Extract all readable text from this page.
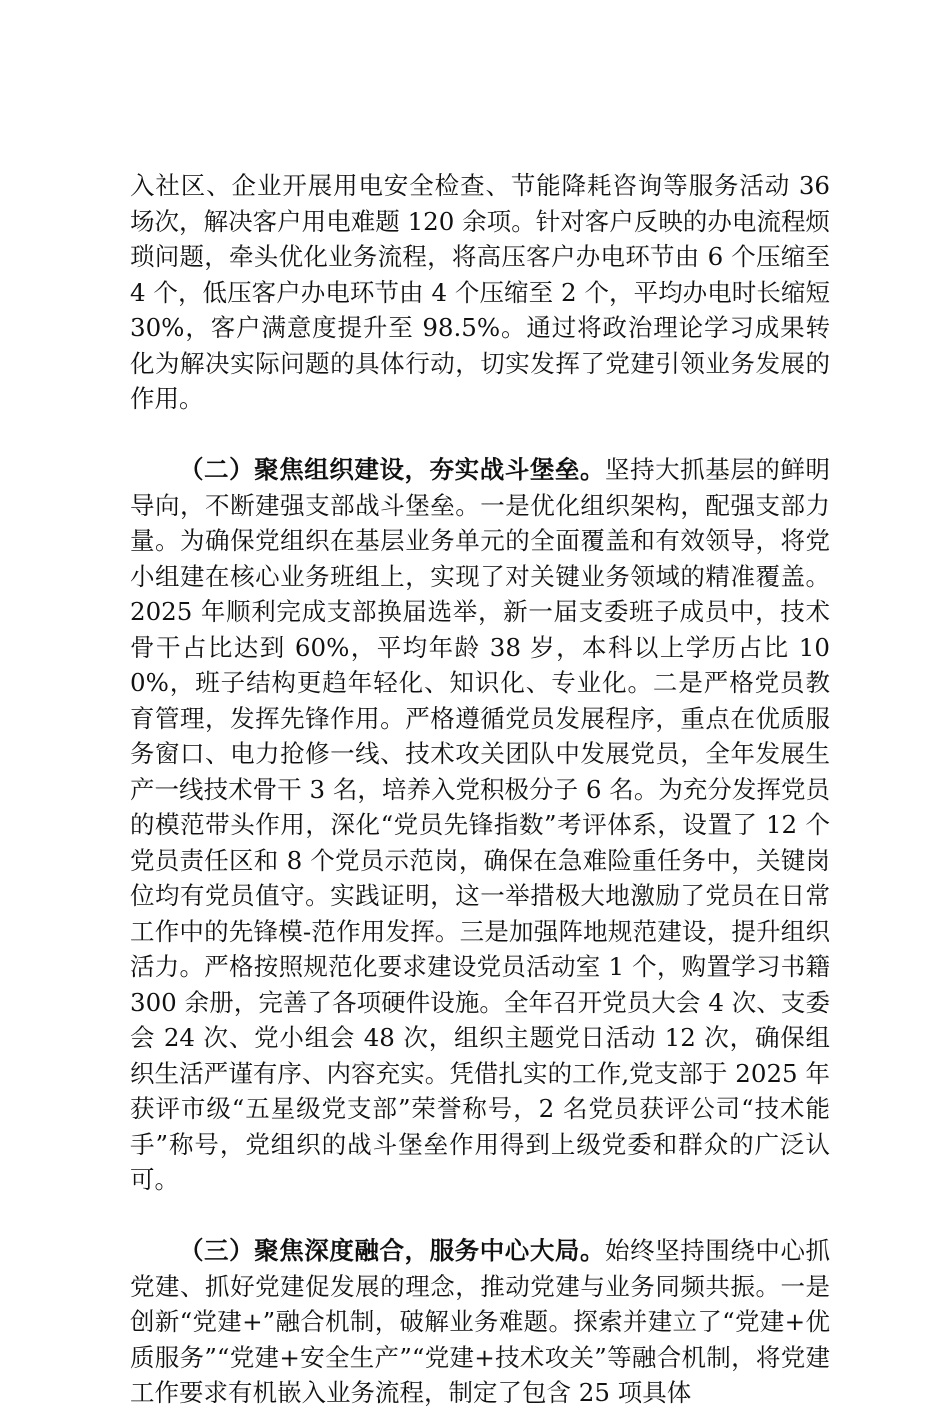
入社区、企业开展用电安全检查、节能降耗咨询等服务活动 36 场次，解决客户用电难题 120 余项。针对客户反映的办电流程烦琐问题，牵头优化业务流程，将高压客户办电环节由 6 个压缩至 4 个，低压客户办电环节由 4 个压缩至 2 个，平均办电时长缩短 30%，客户满意度提升至 98.5%。通过将政治理论学习成果转化为解决实际问题的具体行动，切实发挥了党建引领业务发展的作用。

（二）聚焦组织建设，夯实战斗堡垒。坚持大抓基层的鲜明导向，不断建强支部战斗堡垒。一是优化组织架构，配强支部力量。为确保党组织在基层业务单元的全面覆盖和有效领导，将党小组建在核心业务班组上，实现了对关键业务领域的精准覆盖。2025 年顺利完成支部换届选举，新一届支委班子成员中，技术骨干占比达到 60%，平均年龄 38 岁，本科以上学历占比 100%，班子结构更趋年轻化、知识化、专业化。二是严格党员教育管理，发挥先锋作用。严格遵循党员发展程序，重点在优质服务窗口、电力抢修一线、技术攻关团队中发展党员，全年发展生产一线技术骨干 3 名，培养入党积极分子 6 名。为充分发挥党员的模范带头作用，深化“党员先锋指数”考评体系，设置了 12 个党员责任区和 8 个党员示范岗，确保在急难险重任务中，关键岗位均有党员值守。实践证明，这一举措极大地激励了党员在日常工作中的先锋模-范作用发挥。三是加强阵地规范建设，提升组织活力。严格按照规范化要求建设党员活动室 1 个，购置学习书籍 300 余册，完善了各项硬件设施。全年召开党员大会 4 次、支委会 24 次、党小组会 48 次，组织主题党日活动 12 次，确保组织生活严谨有序、内容充实。凭借扎实的工作,党支部于 2025 年获评市级“五星级党支部”荣誉称号，2 名党员获评公司“技术能手”称号，党组织的战斗堡垒作用得到上级党委和群众的广泛认可。

（三）聚焦深度融合，服务中心大局。始终坚持围绕中心抓党建、抓好党建促发展的理念，推动党建与业务同频共振。一是创新“党建+”融合机制，破解业务难题。探索并建立了“党建+优质服务”“党建+安全生产”“党建+技术攻关”等融合机制，将党建工作要求有机嵌入业务流程，制定了包含 25 项具体
